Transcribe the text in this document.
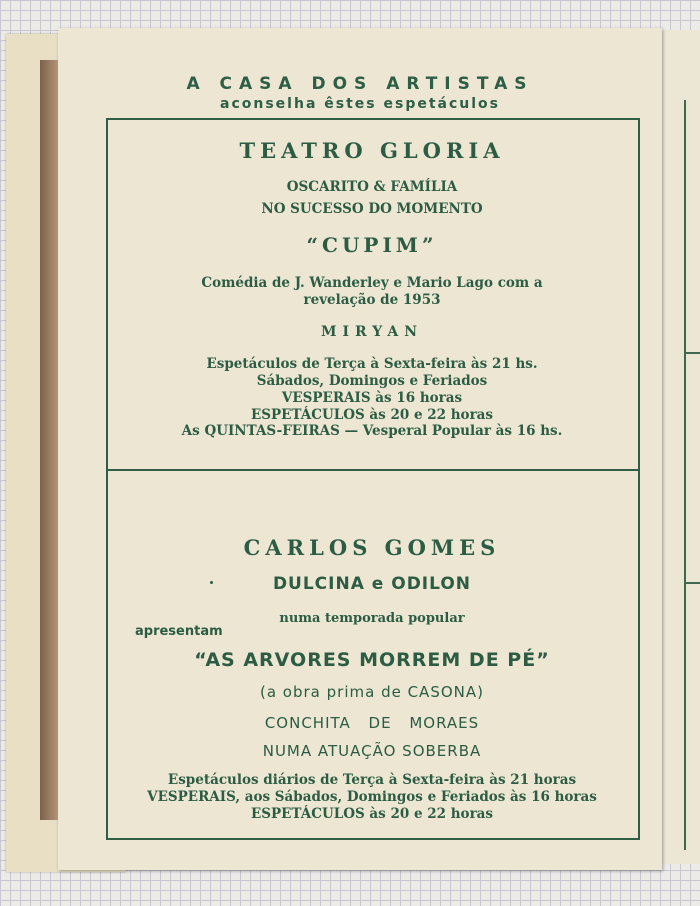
A CASA DOS ARTISTAS
aconselha êstes espetáculos
TEATRO GLORIA
OSCARITO & FAMÍLIA
NO SUCESSO DO MOMENTO
“CUPIM”
Comédia de J. Wanderley e Mario Lago com a
revelação de 1953
MIRYAN
Espetáculos de Terça à Sexta-feira às 21 hs.
Sábados, Domingos e Feriados
VESPERAIS às 16 horas
ESPETÁCULOS às 20 e 22 horas
As QUINTAS-FEIRAS — Vesperal Popular às 16 hs.
CARLOS GOMES
DULCINA e ODILON
numa temporada popular
apresentam
“AS ARVORES MORREM DE PÉ”
(a obra prima de CASONA)
CONCHITA DE MORAES
NUMA ATUAÇÃO SOBERBA
Espetáculos diários de Terça à Sexta-feira às 21 horas
VESPERAIS, aos Sábados, Domingos e Feriados às 16 horas
ESPETÁCULOS às 20 e 22 horas
